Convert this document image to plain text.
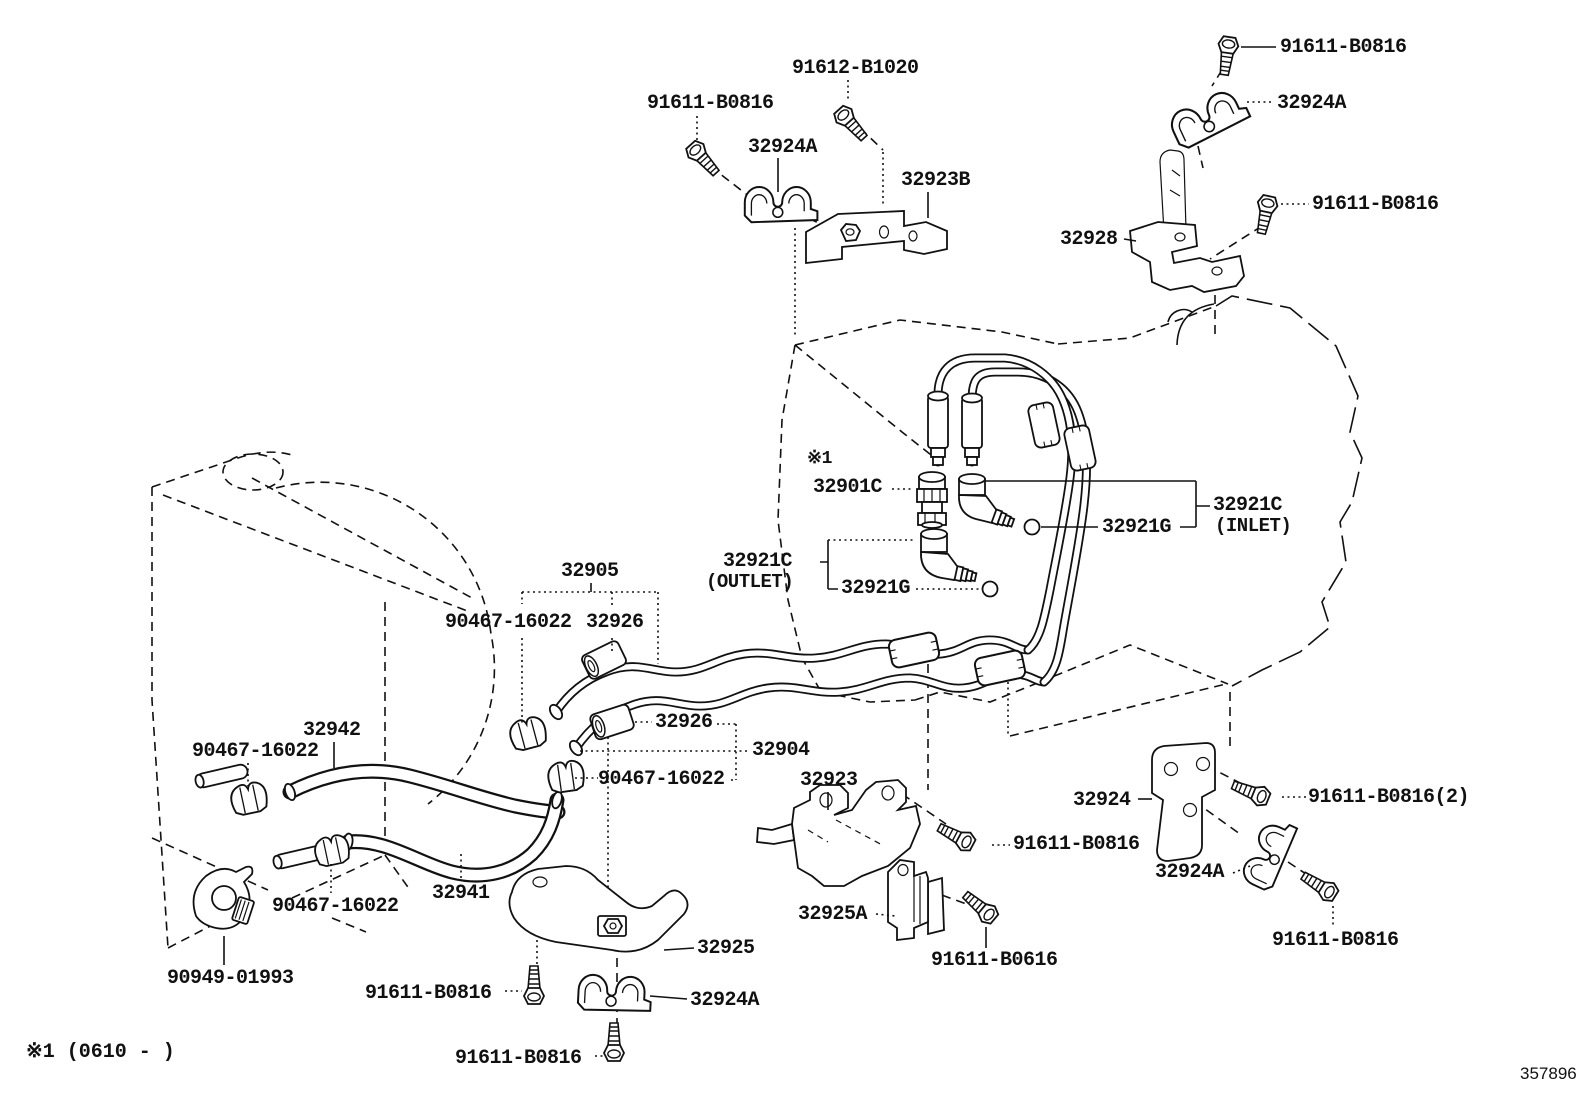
91611-B0816
32924A
91612-B1020
91611-B0816
32924A
32923B
91611-B0816
32928
※1
32901C
32921C
(INLET)
32921G
32921C
(OUTLET) 32921G
32905
90467-16022 32926
32926
32904
90467-16022
32942
90467-16022
90467-16022
90949-01993
32941
32925
32924A
91611-B0816
91611-B0816
32923
32925A
91611-B0616
91611-B0816
32924	91611-B0816(2)
32924A
91611-B0816
※1 (0610 - )
357896
